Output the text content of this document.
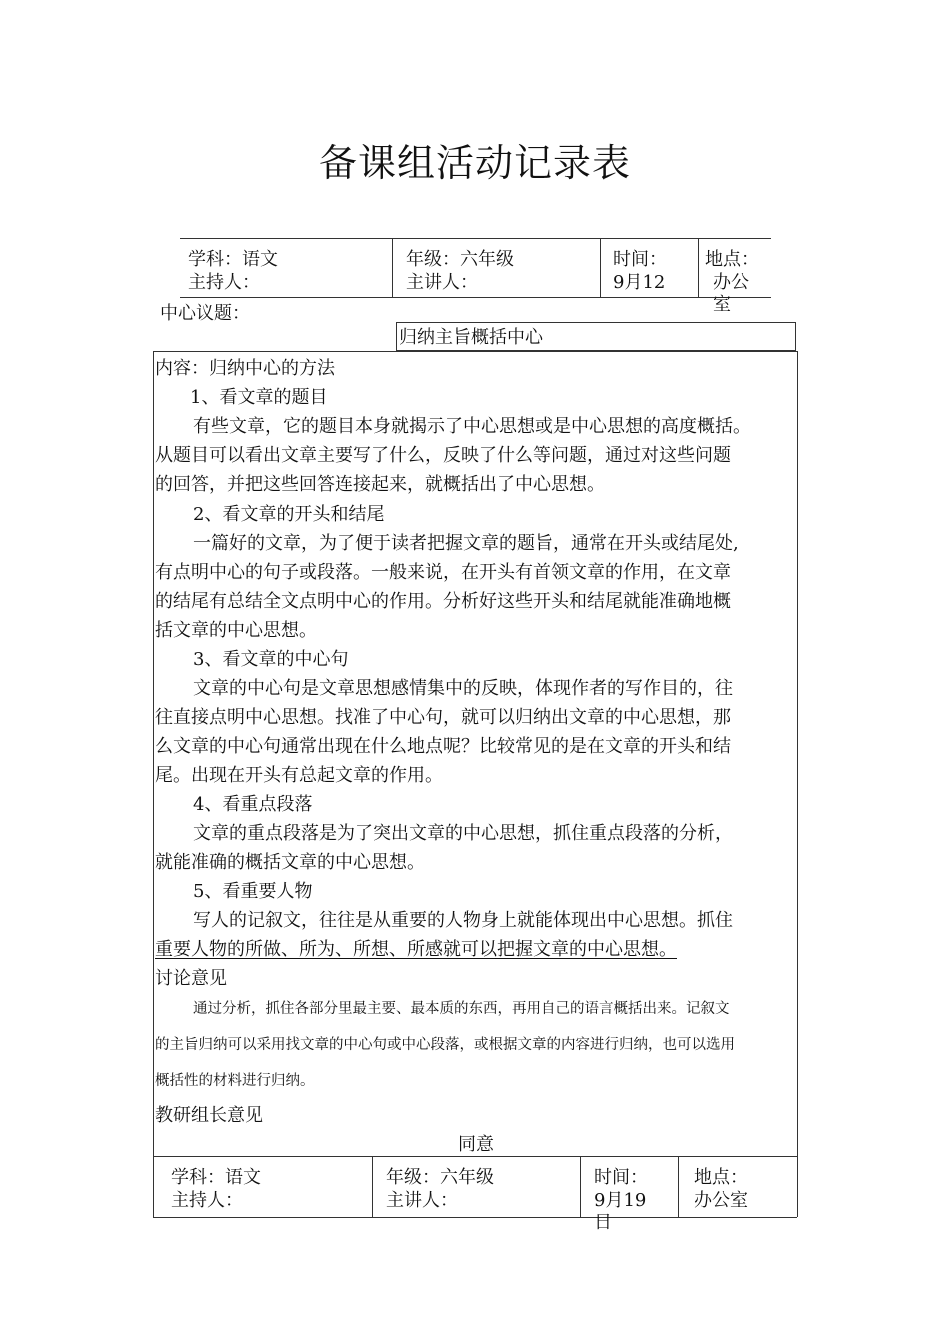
备课组活动记录表
学科：语文
主持人：
年级：六年级
主讲人：
时间：
9月12
地点：
办公
室
中心议题：
归纳主旨概括中心
内容：归纳中心的方法
1、看文章的题目
有些文章，它的题目本身就揭示了中心思想或是中心思想的高度概括。
从题目可以看出文章主要写了什么，反映了什么等问题，通过对这些问题
的回答，并把这些回答连接起来，就概括出了中心思想。
2、看文章的开头和结尾
一篇好的文章，为了便于读者把握文章的题旨，通常在开头或结尾处,
有点明中心的句子或段落。一般来说，在开头有首领文章的作用，在文章
的结尾有总结全文点明中心的作用。分析好这些开头和结尾就能准确地概
括文章的中心思想。
3、看文章的中心句
文章的中心句是文章思想感情集中的反映，体现作者的写作目的，往
往直接点明中心思想。找准了中心句，就可以归纳出文章的中心思想，那
么文章的中心句通常出现在什么地点呢？比较常见的是在文章的开头和结
尾。出现在开头有总起文章的作用。
4、看重点段落
文章的重点段落是为了突出文章的中心思想，抓住重点段落的分析，
就能准确的概括文章的中心思想。
5、看重要人物
写人的记叙文，往往是从重要的人物身上就能体现出中心思想。抓住
重要人物的所做、所为、所想、所感就可以把握文章的中心思想。
讨论意见
通过分析，抓住各部分里最主要、最本质的东西，再用自己的语言概括出来。记叙文
的主旨归纳可以采用找文章的中心句或中心段落，或根据文章的内容进行归纳，也可以选用
概括性的材料进行归纳。
教研组长意见
同意
学科：语文
主持人：
年级：六年级
主讲人：
时间：
9月19
日
地点：
办公室
